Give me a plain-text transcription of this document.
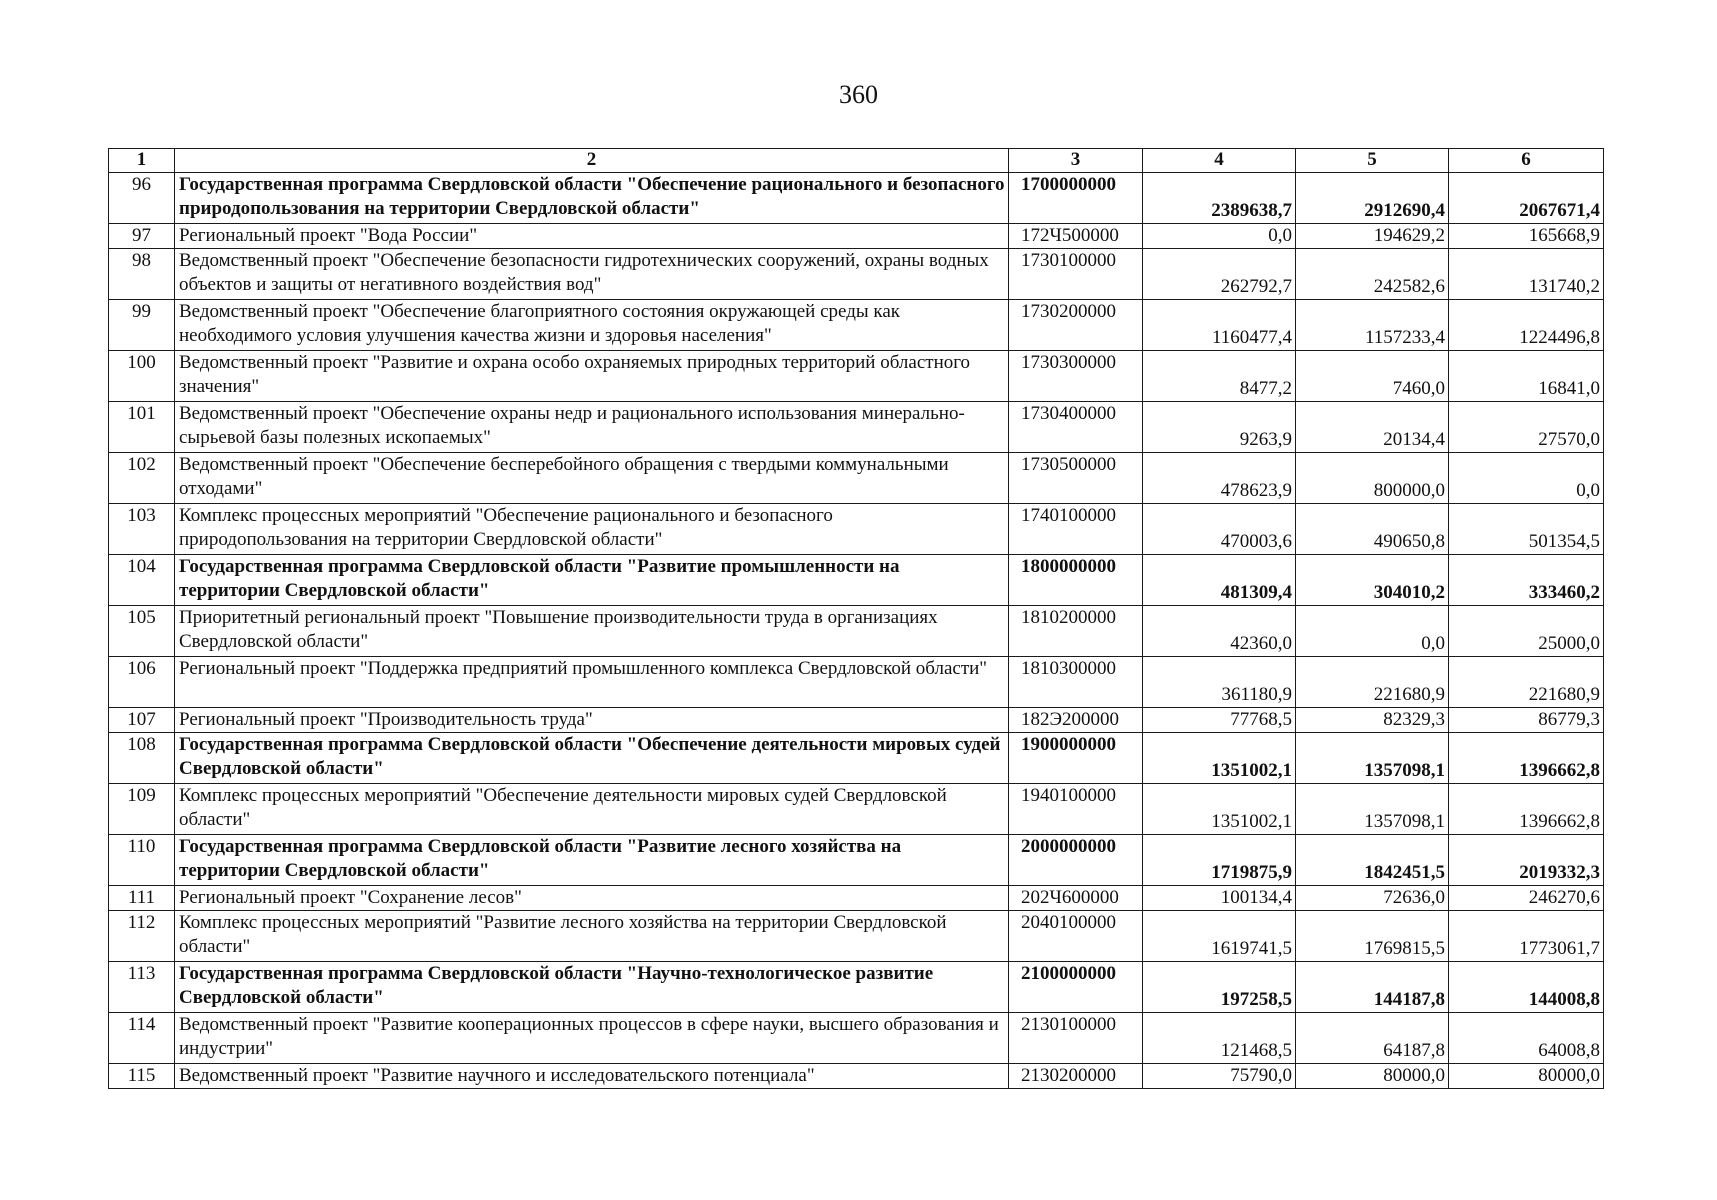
360
1	2	3	4	5	6
96	Государственная программа Свердловской области "Обеспечение рационального и безопасного природопользования на территории Свердловской области"	1700000000	2389638,7	2912690,4	2067671,4
97	Региональный проект "Вода России"	172Ч500000	0,0	194629,2	165668,9
98	Ведомственный проект "Обеспечение безопасности гидротехнических сооружений, охраны водных объектов и защиты от негативного воздействия вод"	1730100000	262792,7	242582,6	131740,2
99	Ведомственный проект "Обеспечение благоприятного состояния окружающей среды как необходимого условия улучшения качества жизни и здоровья населения"	1730200000	1160477,4	1157233,4	1224496,8
100	Ведомственный проект "Развитие и охрана особо охраняемых природных территорий областного значения"	1730300000	8477,2	7460,0	16841,0
101	Ведомственный проект "Обеспечение охраны недр и рационального использования минерально-сырьевой базы полезных ископаемых"	1730400000	9263,9	20134,4	27570,0
102	Ведомственный проект "Обеспечение бесперебойного обращения с твердыми коммунальными отходами"	1730500000	478623,9	800000,0	0,0
103	Комплекс процессных мероприятий "Обеспечение рационального и безопасного природопользования на территории Свердловской области"	1740100000	470003,6	490650,8	501354,5
104	Государственная программа Свердловской области "Развитие промышленности на территории Свердловской области"	1800000000	481309,4	304010,2	333460,2
105	Приоритетный региональный проект "Повышение производительности труда в организациях Свердловской области"	1810200000	42360,0	0,0	25000,0
106	Региональный проект "Поддержка предприятий промышленного комплекса Свердловской области"	1810300000	361180,9	221680,9	221680,9
107	Региональный проект "Производительность труда"	182Э200000	77768,5	82329,3	86779,3
108	Государственная программа Свердловской области "Обеспечение деятельности мировых судей Свердловской области"	1900000000	1351002,1	1357098,1	1396662,8
109	Комплекс процессных мероприятий "Обеспечение деятельности мировых судей Свердловской области"	1940100000	1351002,1	1357098,1	1396662,8
110	Государственная программа Свердловской области "Развитие лесного хозяйства на территории Свердловской области"	2000000000	1719875,9	1842451,5	2019332,3
111	Региональный проект "Сохранение лесов"	202Ч600000	100134,4	72636,0	246270,6
112	Комплекс процессных мероприятий "Развитие лесного хозяйства на территории Свердловской области"	2040100000	1619741,5	1769815,5	1773061,7
113	Государственная программа Свердловской области "Научно-технологическое развитие Свердловской области"	2100000000	197258,5	144187,8	144008,8
114	Ведомственный проект "Развитие кооперационных процессов в сфере науки, высшего образования и индустрии"	2130100000	121468,5	64187,8	64008,8
115	Ведомственный проект "Развитие научного и исследовательского потенциала"	2130200000	75790,0	80000,0	80000,0
